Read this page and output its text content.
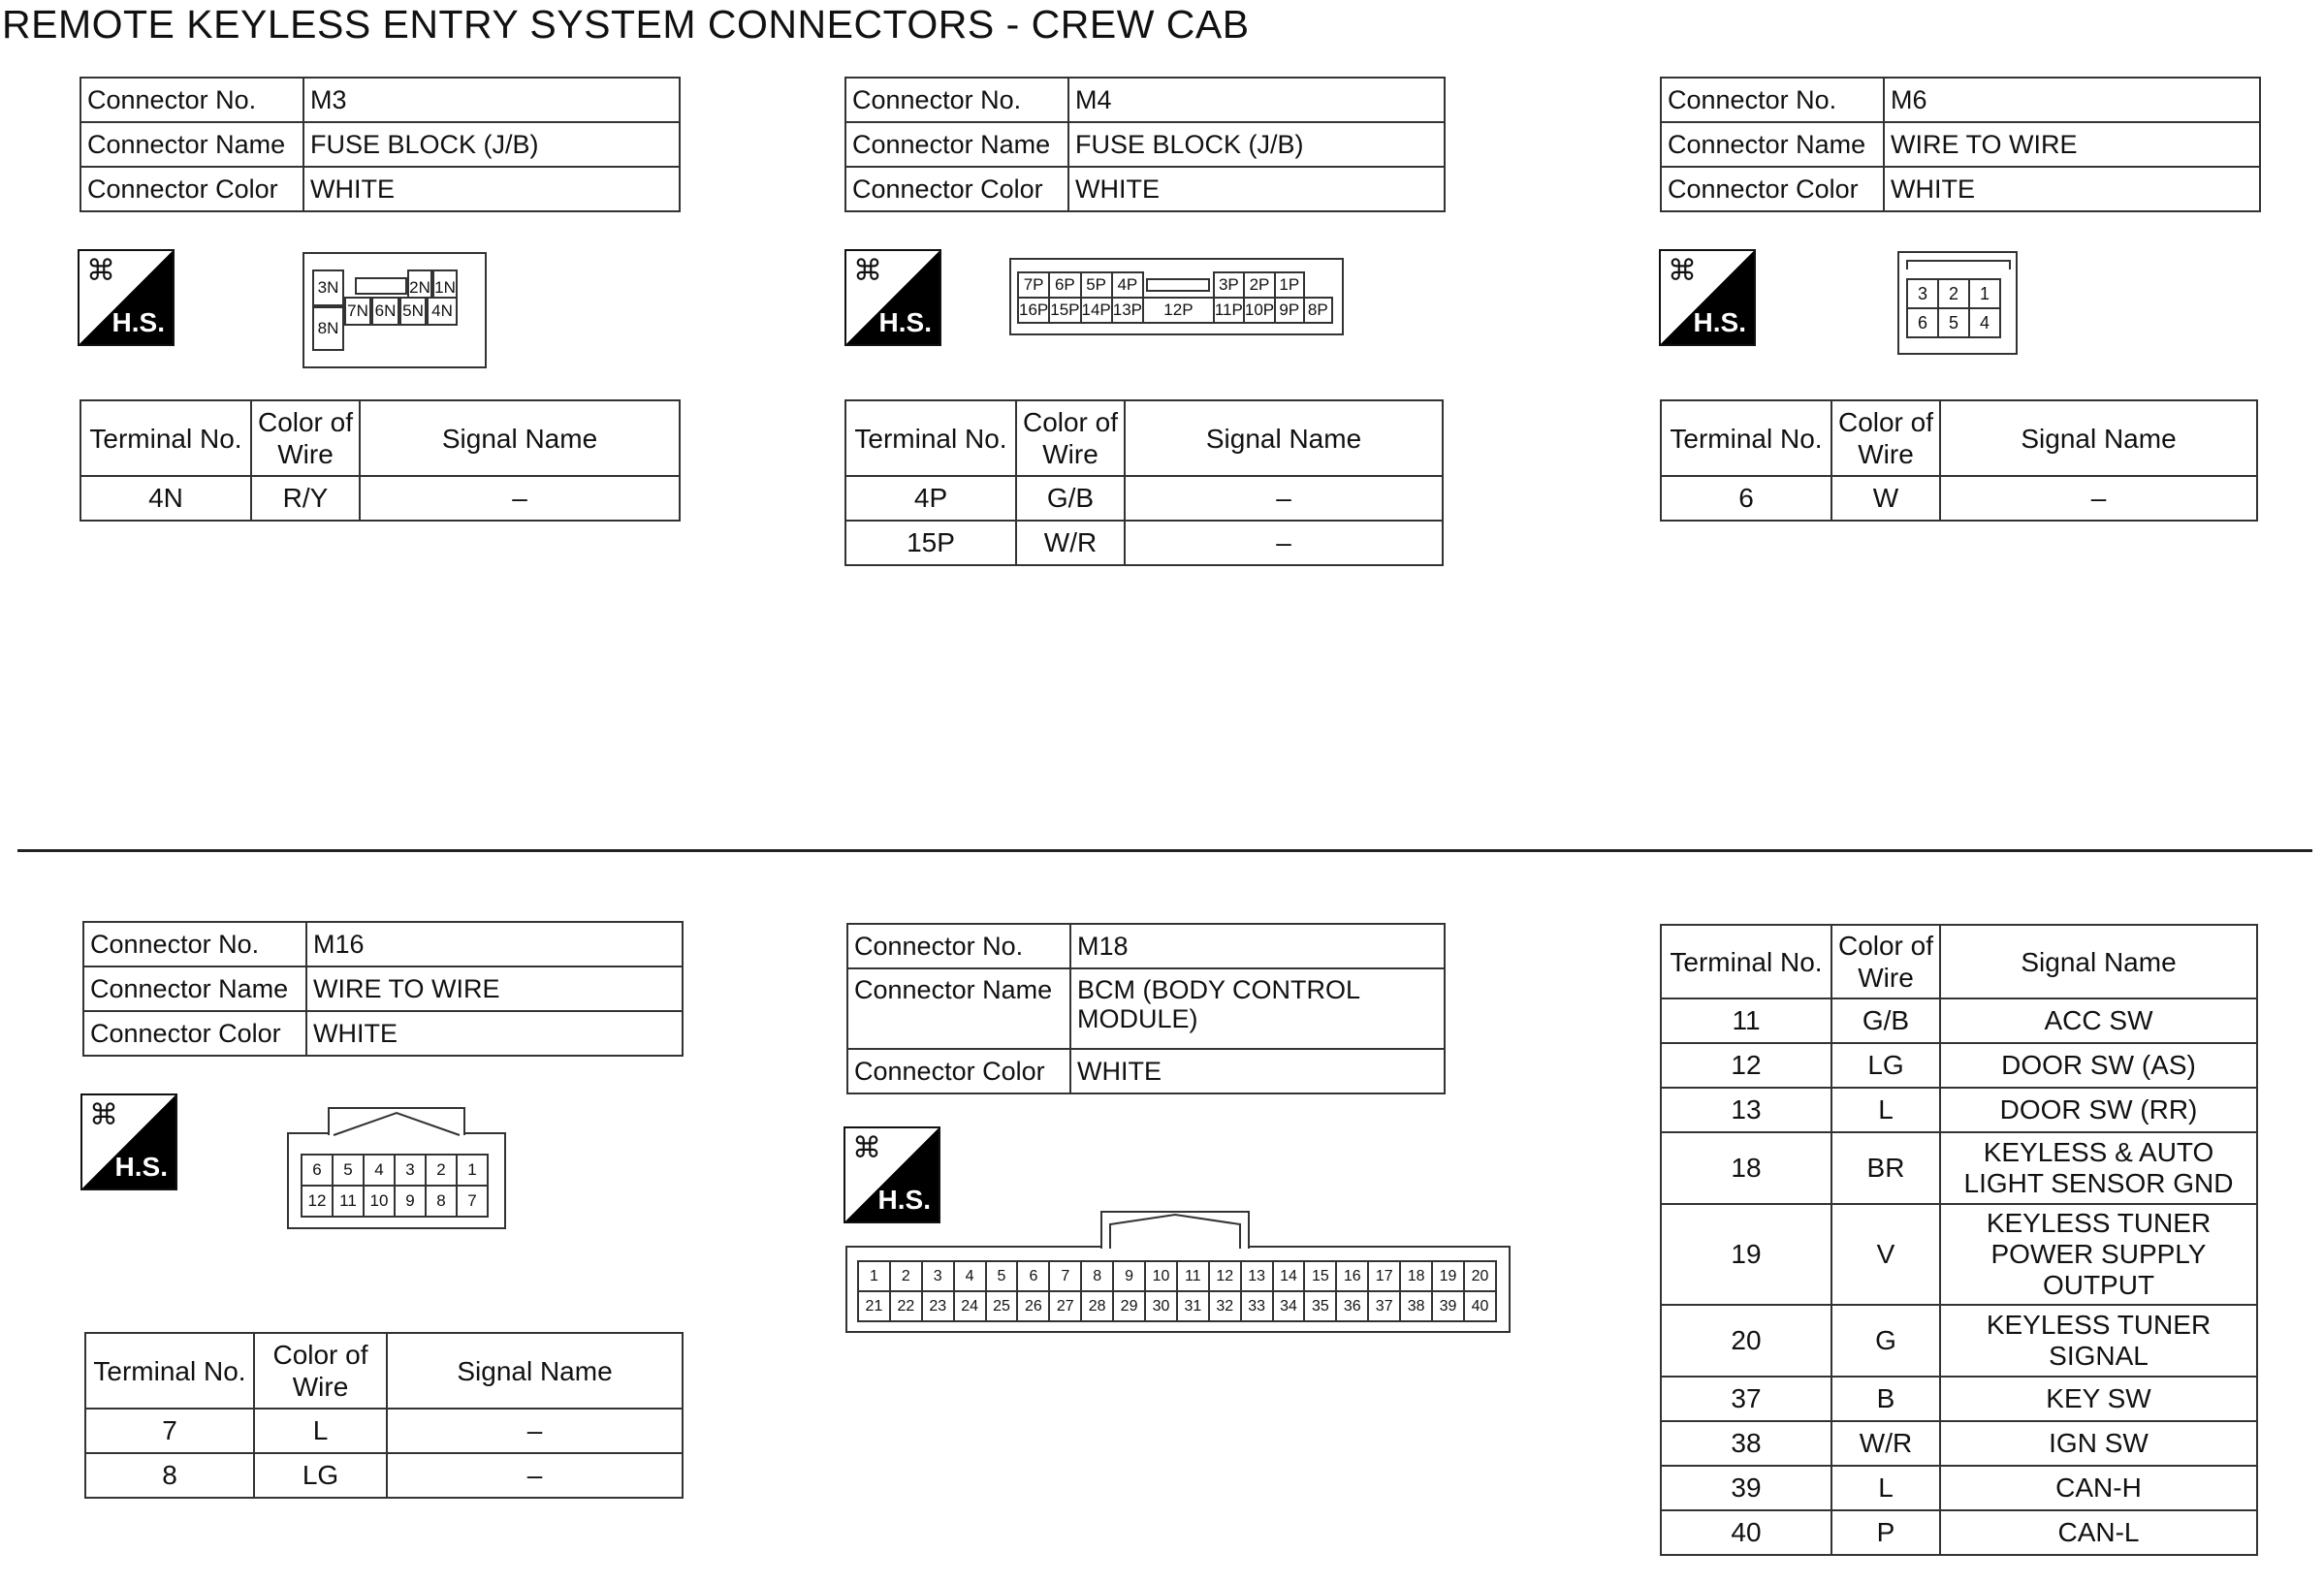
REMOTE KEYLESS ENTRY SYSTEM CONNECTORS - CREW CAB
Connector No.	M3
Connector Name	FUSE BLOCK (J/B)
Connector Color	WHITE
⌘
H.S.
3N	2N 1N
8N
7N 6N 5N 4N
Terminal No.	Color of Wire	Signal Name
4N	R/Y	–
Connector No.	M4
Connector Name	FUSE BLOCK (J/B)
Connector Color	WHITE
⌘
H.S.
7P	6P	5P	4P		3P	2P	1P	
16P	15P	14P	13P	12P	11P	10P	9P	8P
Terminal No.	Color of Wire	Signal Name
4P	G/B	–
15P	W/R	–
Connector No.	M6
Connector Name	WIRE TO WIRE
Connector Color	WHITE
⌘
H.S.
3	2	1
6	5	4
Terminal No.	Color of Wire	Signal Name
6	W	–
Connector No.	M16
Connector Name	WIRE TO WIRE
Connector Color	WHITE
⌘
H.S.	6	5	4	3	2	1
12	11	10	9	8	7
Terminal No.	Color of Wire	Signal Name
7	L	–
8	LG	–
Connector No.	M18
Connector Name	BCM (BODY CONTROL MODULE)
Connector Color	WHITE
⌘
H.S.
1	2	3	4	5	6	7	8	9	10	11	12	13	14	15	16	17	18	19	20
21	22	23	24	25	26	27	28	29	30	31	32	33	34	35	36	37	38	39	40
Terminal No.	Color of Wire	Signal Name
11	G/B	ACC SW
12	LG	DOOR SW (AS)
13	L	DOOR SW (RR)
18	BR	KEYLESS & AUTO LIGHT SENSOR GND
19	V	KEYLESS TUNER POWER SUPPLY OUTPUT
20	G	KEYLESS TUNER SIGNAL
37	B	KEY SW
38	W/R	IGN SW
39	L	CAN-H
40	P	CAN-L
